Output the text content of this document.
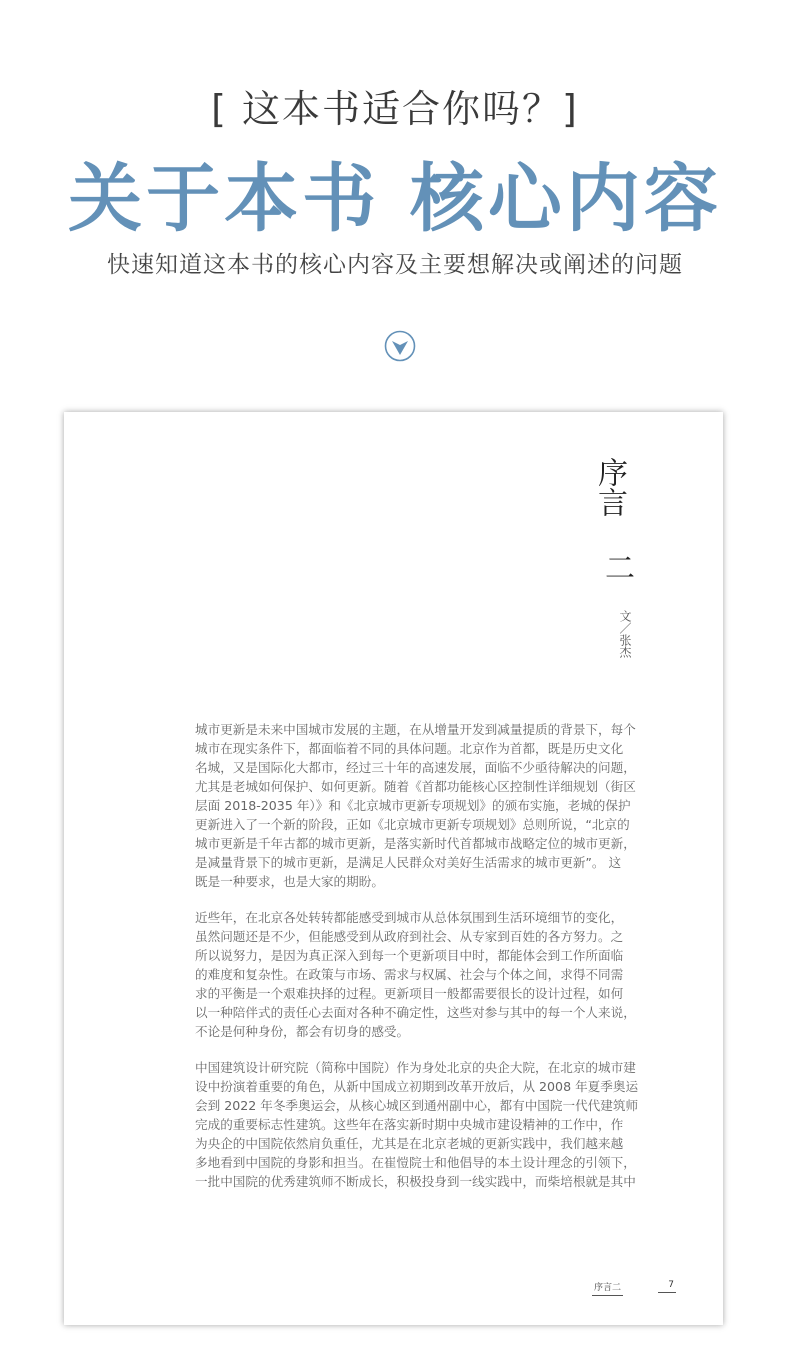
[ 这本书适合你吗？]
关于本书 核心内容
快速知道这本书的核心内容及主要想解决或阐述的问题
序言
二
文／张杰
城市更新是未来中国城市发展的主题，在从增量开发到减量提质的背景下，每个
城市在现实条件下，都面临着不同的具体问题。北京作为首都，既是历史文化
名城，又是国际化大都市，经过三十年的高速发展，面临不少亟待解决的问题，
尤其是老城如何保护、如何更新。随着《首都功能核心区控制性详细规划（街区
层面 2018-2035 年）》和《北京城市更新专项规划》的颁布实施，老城的保护
更新进入了一个新的阶段，正如《北京城市更新专项规划》总则所说，“北京的
城市更新是千年古都的城市更新，是落实新时代首都城市战略定位的城市更新，
是减量背景下的城市更新，是满足人民群众对美好生活需求的城市更新”。 这
既是一种要求，也是大家的期盼。
近些年，在北京各处转转都能感受到城市从总体氛围到生活环境细节的变化，
虽然问题还是不少，但能感受到从政府到社会、从专家到百姓的各方努力。之
所以说努力，是因为真正深入到每一个更新项目中时，都能体会到工作所面临
的难度和复杂性。在政策与市场、需求与权属、社会与个体之间，求得不同需
求的平衡是一个艰难抉择的过程。更新项目一般都需要很长的设计过程，如何
以一种陪伴式的责任心去面对各种不确定性，这些对参与其中的每一个人来说，
不论是何种身份，都会有切身的感受。
中国建筑设计研究院（简称中国院）作为身处北京的央企大院，在北京的城市建
设中扮演着重要的角色，从新中国成立初期到改革开放后，从 2008 年夏季奥运
会到 2022 年冬季奥运会，从核心城区到通州副中心，都有中国院一代代建筑师
完成的重要标志性建筑。这些年在落实新时期中央城市建设精神的工作中，作
为央企的中国院依然肩负重任，尤其是在北京老城的更新实践中，我们越来越
多地看到中国院的身影和担当。在崔愷院士和他倡导的本土设计理念的引领下，
一批中国院的优秀建筑师不断成长，积极投身到一线实践中，而柴培根就是其中
序言二	7
